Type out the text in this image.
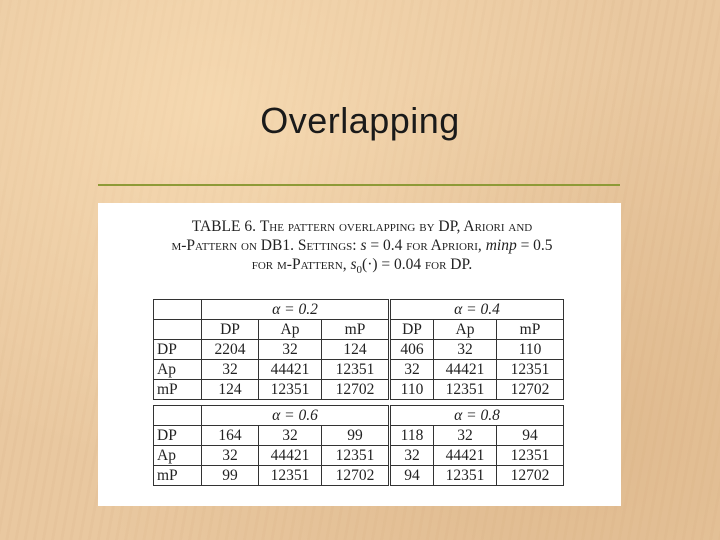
Overlapping
TABLE 6. The pattern overlapping by DP, Ariori and
m-Pattern on DB1. Settings: s = 0.4 for Apriori, minp = 0.5
for m-Pattern, $s_0(\cdot) = 0.04$ for DP.
	α = 0.2			α = 0.4		
	DP	Ap	mP	DP	Ap	mP
DP	2204	32	124	406	32	110
Ap	32	44421	12351	32	44421	12351
mP	124	12351	12702	110	12351	12702
	α = 0.6			α = 0.8		
DP	164	32	99	118	32	94
Ap	32	44421	12351	32	44421	12351
mP	99	12351	12702	94	12351	12702
